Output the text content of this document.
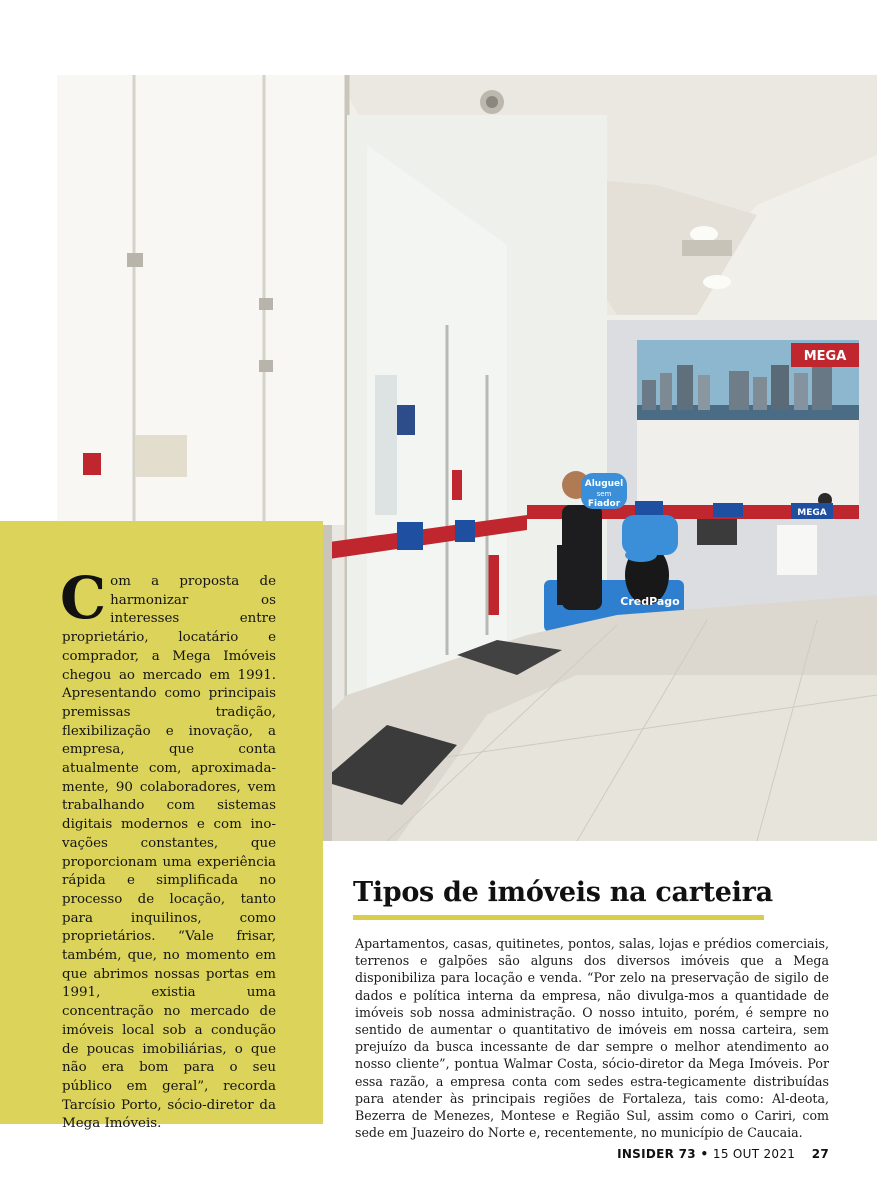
MEGA
MEGA
Aluguel
sem
Fiador
CredPago
Com a proposta de harmonizar os interesses entre proprietário, locatário e comprador, a Mega Imóveis chegou ao mercado em 1991. Apresentando como principais premissas tradição, flexibilização e inovação, a empresa, que conta atualmente com, aproximada-mente, 90 colaboradores, vem trabalhando com sistemas digitais modernos e com ino-vações constantes, que proporcionam uma experiência rápida e simplificada no processo de locação, tanto para inquilinos, como proprietários. “Vale frisar, também, que, no momento em que abrimos nossas portas em 1991, existia uma concentração no mercado de imóveis local sob a condução de poucas imobiliárias, o que não era bom para o seu público em geral”, recorda Tarcísio Porto, sócio-diretor da Mega Imóveis.
Tipos de imóveis na carteira

Apartamentos, casas, quitinetes, pontos, salas, lojas e prédios comerciais, terrenos e galpões são alguns dos diversos imóveis que a Mega disponibiliza para locação e venda. “Por zelo na preservação de sigilo de dados e política interna da empresa, não divulga-mos a quantidade de imóveis sob nossa administração. O nosso intuito, porém, é sempre no sentido de aumentar o quantitativo de imóveis em nossa carteira, sem prejuízo da busca incessante de dar sempre o melhor atendimento ao nosso cliente”, pontua Walmar Costa, sócio-diretor da Mega Imóveis. Por essa razão, a empresa conta com sedes estra-tegicamente distribuídas para atender às principais regiões de Fortaleza, tais como: Al-deota, Bezerra de Menezes, Montese e Região Sul, assim como o Cariri, com sede em Juazeiro do Norte e, recentemente, no município de Caucaia.

INSIDER 73 • 15 OUT 2021 27
